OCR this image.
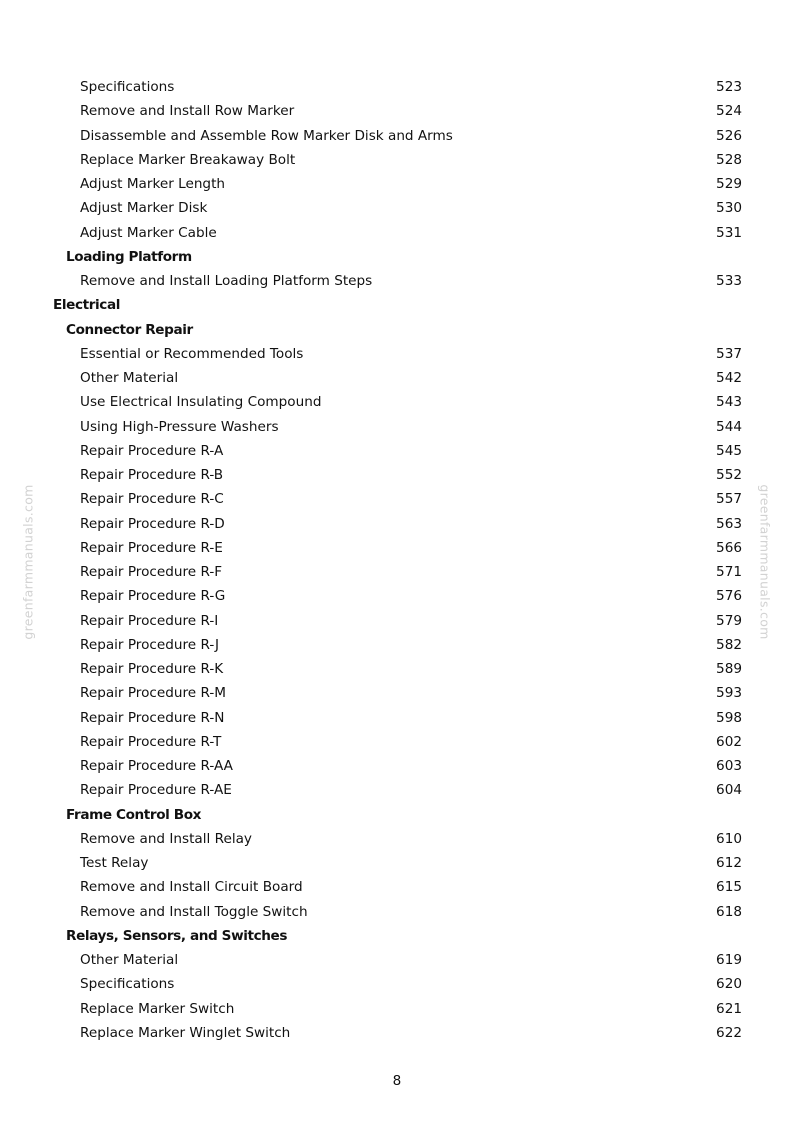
Specifications	523
Remove and Install Row Marker	524
Disassemble and Assemble Row Marker Disk and Arms	526
Replace Marker Breakaway Bolt	528
Adjust Marker Length	529
Adjust Marker Disk	530
Adjust Marker Cable	531
Loading Platform
Remove and Install Loading Platform Steps	533
Electrical
Connector Repair
Essential or Recommended Tools	537
Other Material	542
Use Electrical Insulating Compound	543
Using High-Pressure Washers	544
Repair Procedure R-A	545
Repair Procedure R-B	552
Repair Procedure R-C	557
Repair Procedure R-D	563
Repair Procedure R-E	566
Repair Procedure R-F	571
Repair Procedure R-G	576
Repair Procedure R-I	579
Repair Procedure R-J	582
Repair Procedure R-K	589
Repair Procedure R-M	593
Repair Procedure R-N	598
Repair Procedure R-T	602
Repair Procedure R-AA	603
Repair Procedure R-AE	604
Frame Control Box
Remove and Install Relay	610
Test Relay	612
Remove and Install Circuit Board	615
Remove and Install Toggle Switch	618
Relays, Sensors, and Switches
Other Material	619
Specifications	620
Replace Marker Switch	621
Replace Marker Winglet Switch	622
8
greenfarmmanuals.com	greenfarmmanuals.com
